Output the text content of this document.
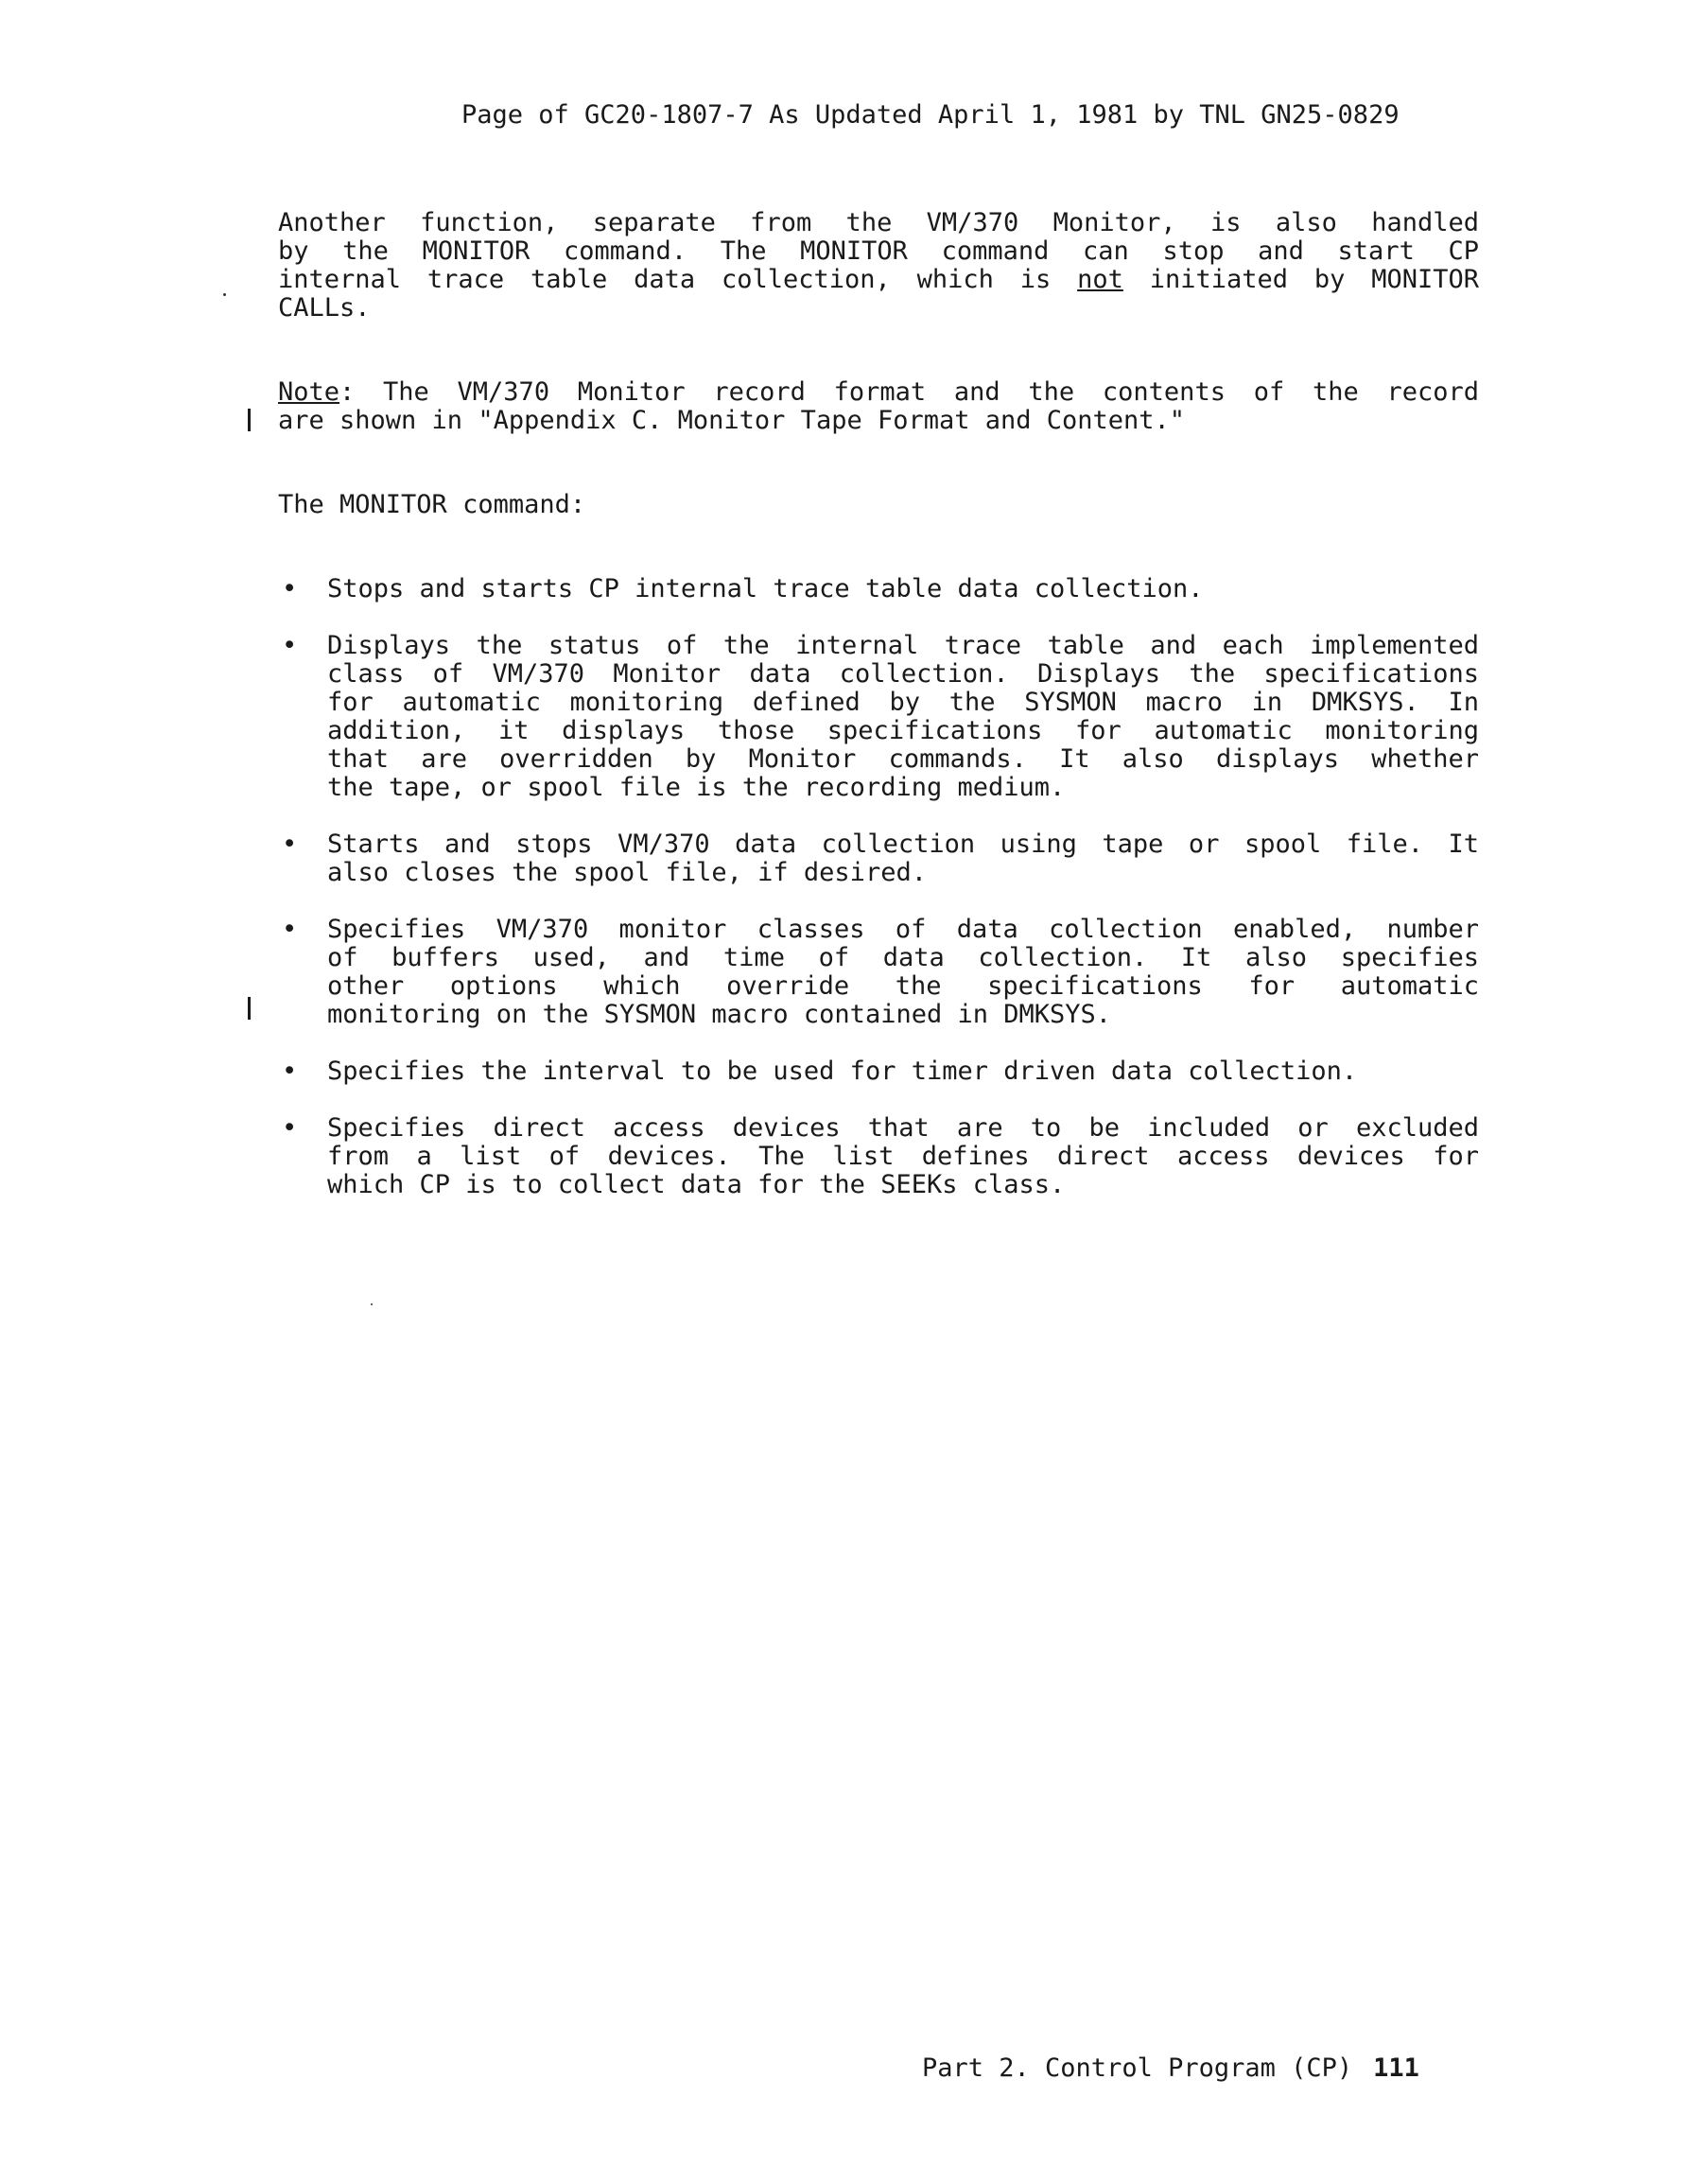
Page of GC20-1807-7 As Updated April 1, 1981 by TNL GN25-0829
Another function, separate from the VM/370 Monitor, is also handled
by the MONITOR command. The MONITOR command can stop and start CP
internal trace table data collection, which is not initiated by MONITOR
CALLs.
Note: The VM/370 Monitor record format and the contents of the record
are shown in "Appendix C. Monitor Tape Format and Content."
The MONITOR command:
• Stops and starts CP internal trace table data collection.
• Displays the status of the internal trace table and each implemented
class of VM/370 Monitor data collection. Displays the specifications
for automatic monitoring defined by the SYSMON macro in DMKSYS. In
addition, it displays those specifications for automatic monitoring
that are overridden by Monitor commands. It also displays whether
the tape, or spool file is the recording medium.
• Starts and stops VM/370 data collection using tape or spool file. It
also closes the spool file, if desired.
• Specifies VM/370 monitor classes of data collection enabled, number
of buffers used, and time of data collection. It also specifies
other options which override the specifications for automatic
monitoring on the SYSMON macro contained in DMKSYS.
• Specifies the interval to be used for timer driven data collection.
• Specifies direct access devices that are to be included or excluded
from a list of devices. The list defines direct access devices for
which CP is to collect data for the SEEKs class.
Part 2. Control Program (CP) 111
